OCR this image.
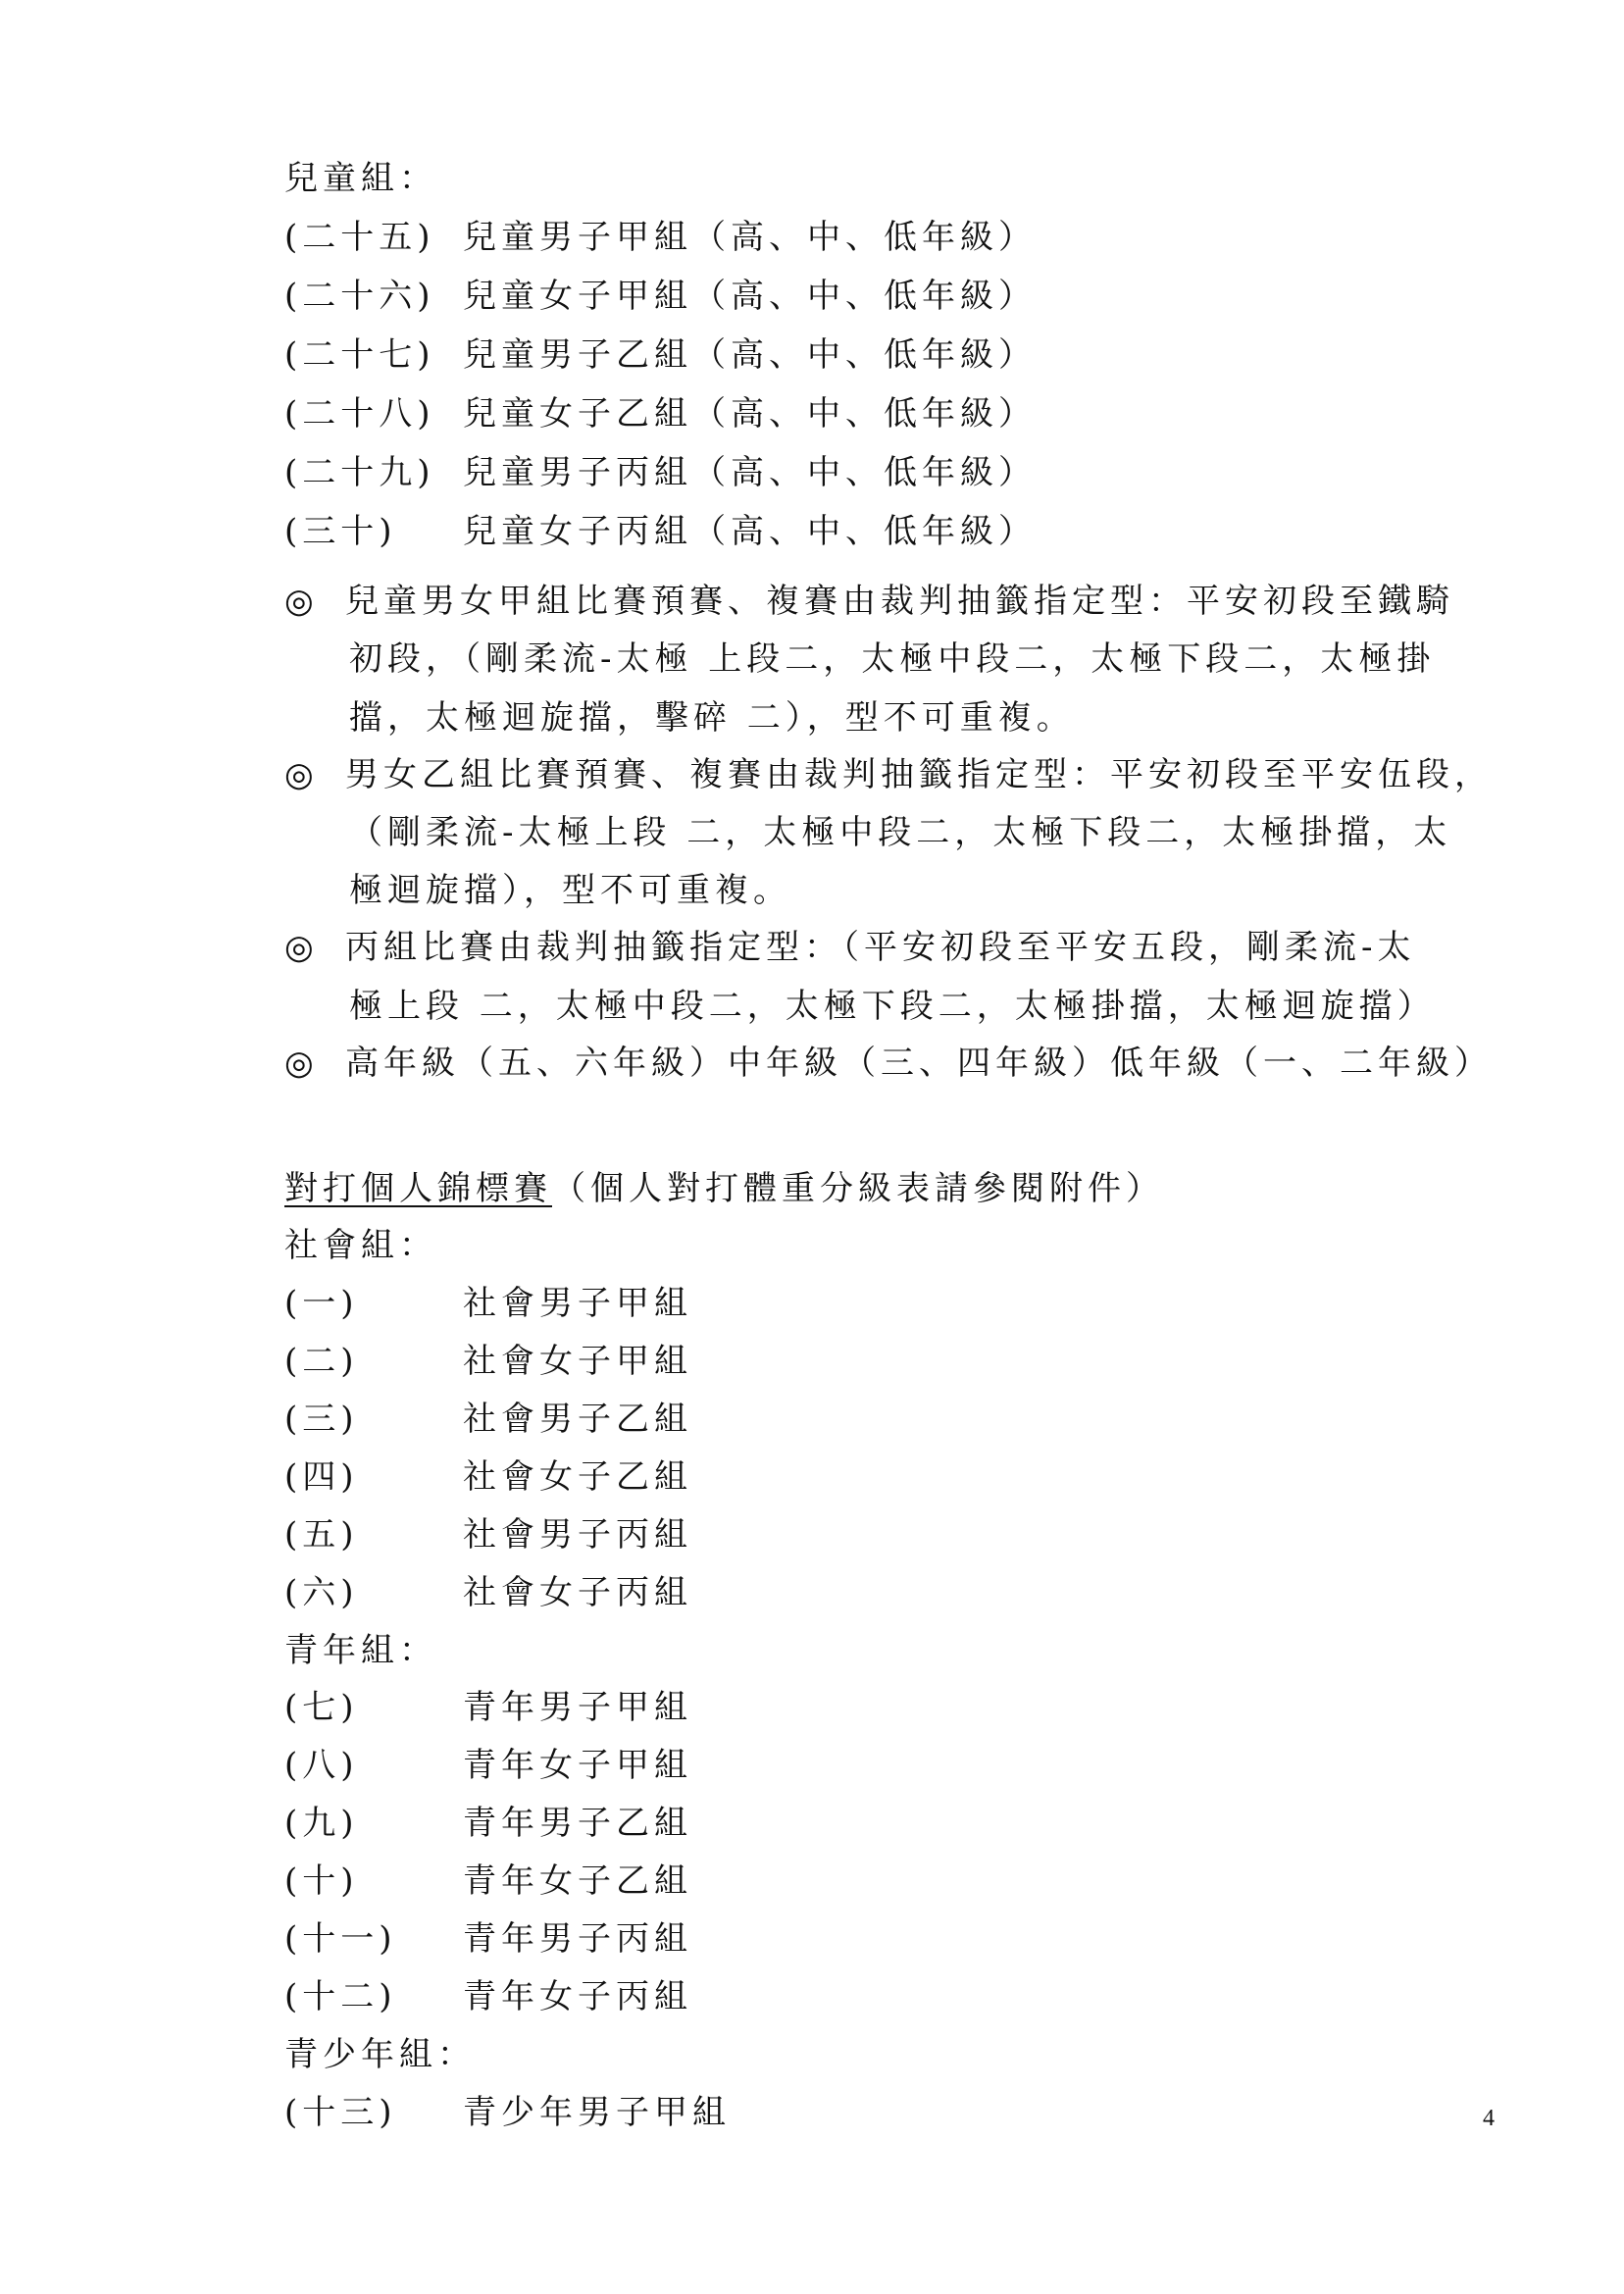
兒童組：
(二十五) 兒童男子甲組（高、中、低年級）
(二十六) 兒童女子甲組（高、中、低年級）
(二十七) 兒童男子乙組（高、中、低年級）
(二十八) 兒童女子乙組（高、中、低年級）
(二十九) 兒童男子丙組（高、中、低年級）
(三十) 兒童女子丙組（高、中、低年級）
◎ 兒童男女甲組比賽預賽、複賽由裁判抽籤指定型：平安初段至鐵騎
初段，（剛柔流-太極 上段二，太極中段二，太極下段二，太極掛
擋，太極迴旋擋，擊碎 二），型不可重複。
◎ 男女乙組比賽預賽、複賽由裁判抽籤指定型：平安初段至平安伍段，
（剛柔流-太極上段 二，太極中段二，太極下段二，太極掛擋，太
極迴旋擋），型不可重複。
◎ 丙組比賽由裁判抽籤指定型：（平安初段至平安五段，剛柔流-太
極上段 二，太極中段二，太極下段二，太極掛擋，太極迴旋擋）
◎ 高年級（五、六年級）中年級（三、四年級）低年級（一、二年級）
對打個人錦標賽（個人對打體重分級表請參閱附件）
社會組：
(一)	社會男子甲組
(二)	社會女子甲組
(三)	社會男子乙組
(四)	社會女子乙組
(五)	社會男子丙組
(六)	社會女子丙組
青年組：
(七)	青年男子甲組
(八)	青年女子甲組
(九)	青年男子乙組
(十)	青年女子乙組
(十一) 青年男子丙組
(十二) 青年女子丙組
青少年組：
(十三) 青少年男子甲組	4
